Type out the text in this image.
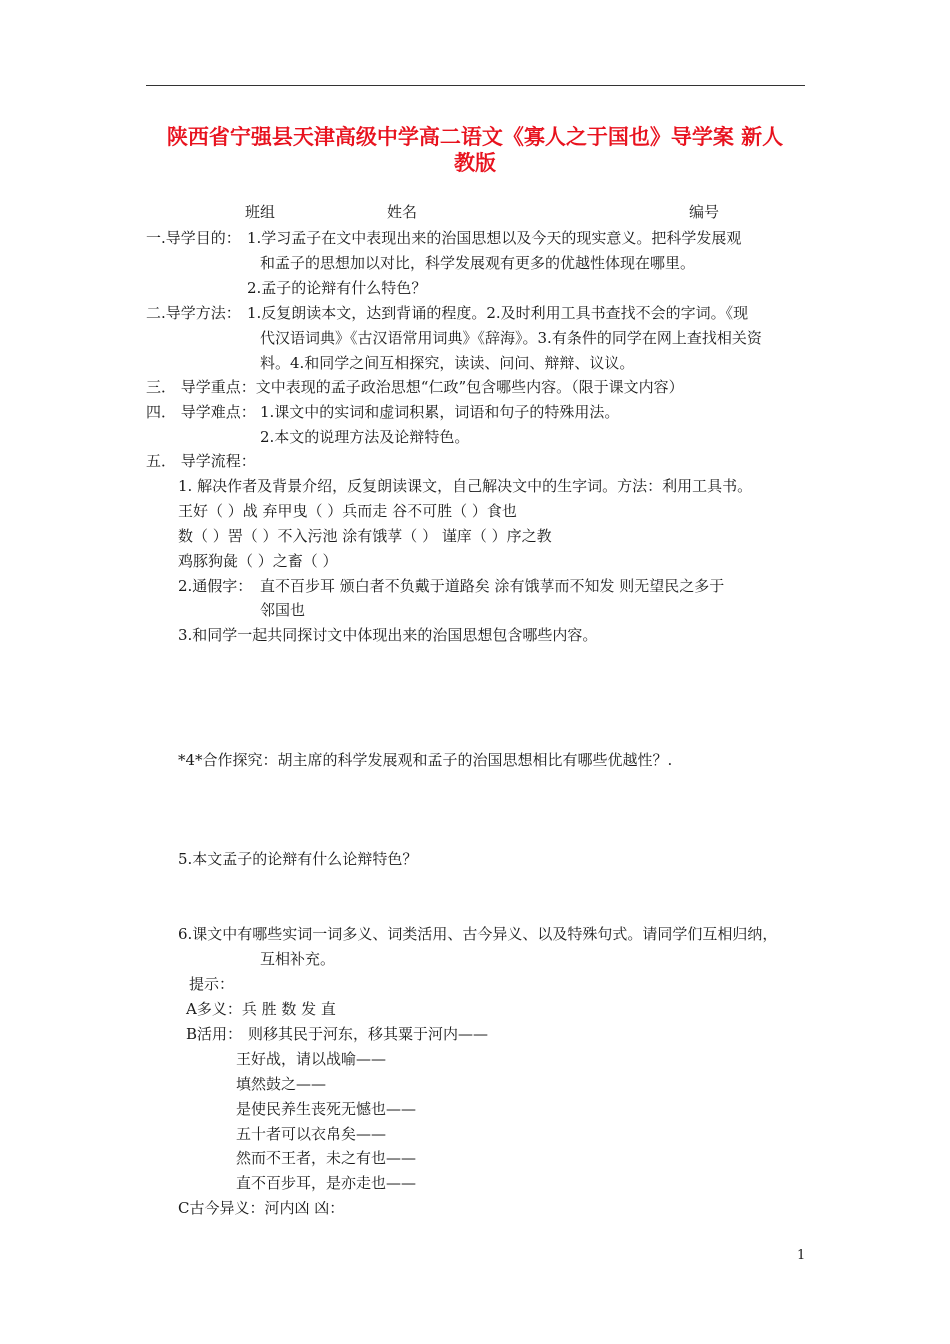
陕西省宁强县天津高级中学高二语文《寡人之于国也》导学案 新人
教版
班组	姓名	编号
一.导学目的： 1.学习孟子在文中表现出来的治国思想以及今天的现实意义。把科学发展观
和孟子的思想加以对比，科学发展观有更多的优越性体现在哪里。
2.孟子的论辩有什么特色？
二.导学方法： 1.反复朗读本文，达到背诵的程度。2.及时利用工具书查找不会的字词。《现
代汉语词典》《古汉语常用词典》《辞海》。3.有条件的同学在网上查找相关资
料。4.和同学之间互相探究，读读、问问、辩辩、议议。
三． 导学重点：文中表现的孟子政治思想“仁政”包含哪些内容。（限于课文内容）
四． 导学难点： 1.课文中的实词和虚词积累，词语和句子的特殊用法。
2.本文的说理方法及论辩特色。
五． 导学流程：
1. 解决作者及背景介绍，反复朗读课文，自己解决文中的生字词。方法：利用工具书。
王好（ ）战 弃甲曳（ ）兵而走 谷不可胜（ ）食也
数（ ）罟（ ）不入污池 涂有饿莩（ ） 谨庠（ ）序之教
鸡豚狗彘（ ）之畜（ ）
2.通假字： 直不百步耳 颁白者不负戴于道路矣 涂有饿莩而不知发 则无望民之多于
邻国也
3.和同学一起共同探讨文中体现出来的治国思想包含哪些内容。
*4*合作探究：胡主席的科学发展观和孟子的治国思想相比有哪些优越性？.
5.本文孟子的论辩有什么论辩特色？
6.课文中有哪些实词一词多义、词类活用、古今异义、以及特殊句式。请同学们互相归纳，
互相补充。
提示：
A多义：兵 胜 数 发 直
B活用： 则移其民于河东，移其粟于河内——
王好战，请以战喻——
填然鼓之——
是使民养生丧死无憾也——
五十者可以衣帛矣——
然而不王者，未之有也——
直不百步耳，是亦走也——
C古今异义：河内凶 凶：
1
